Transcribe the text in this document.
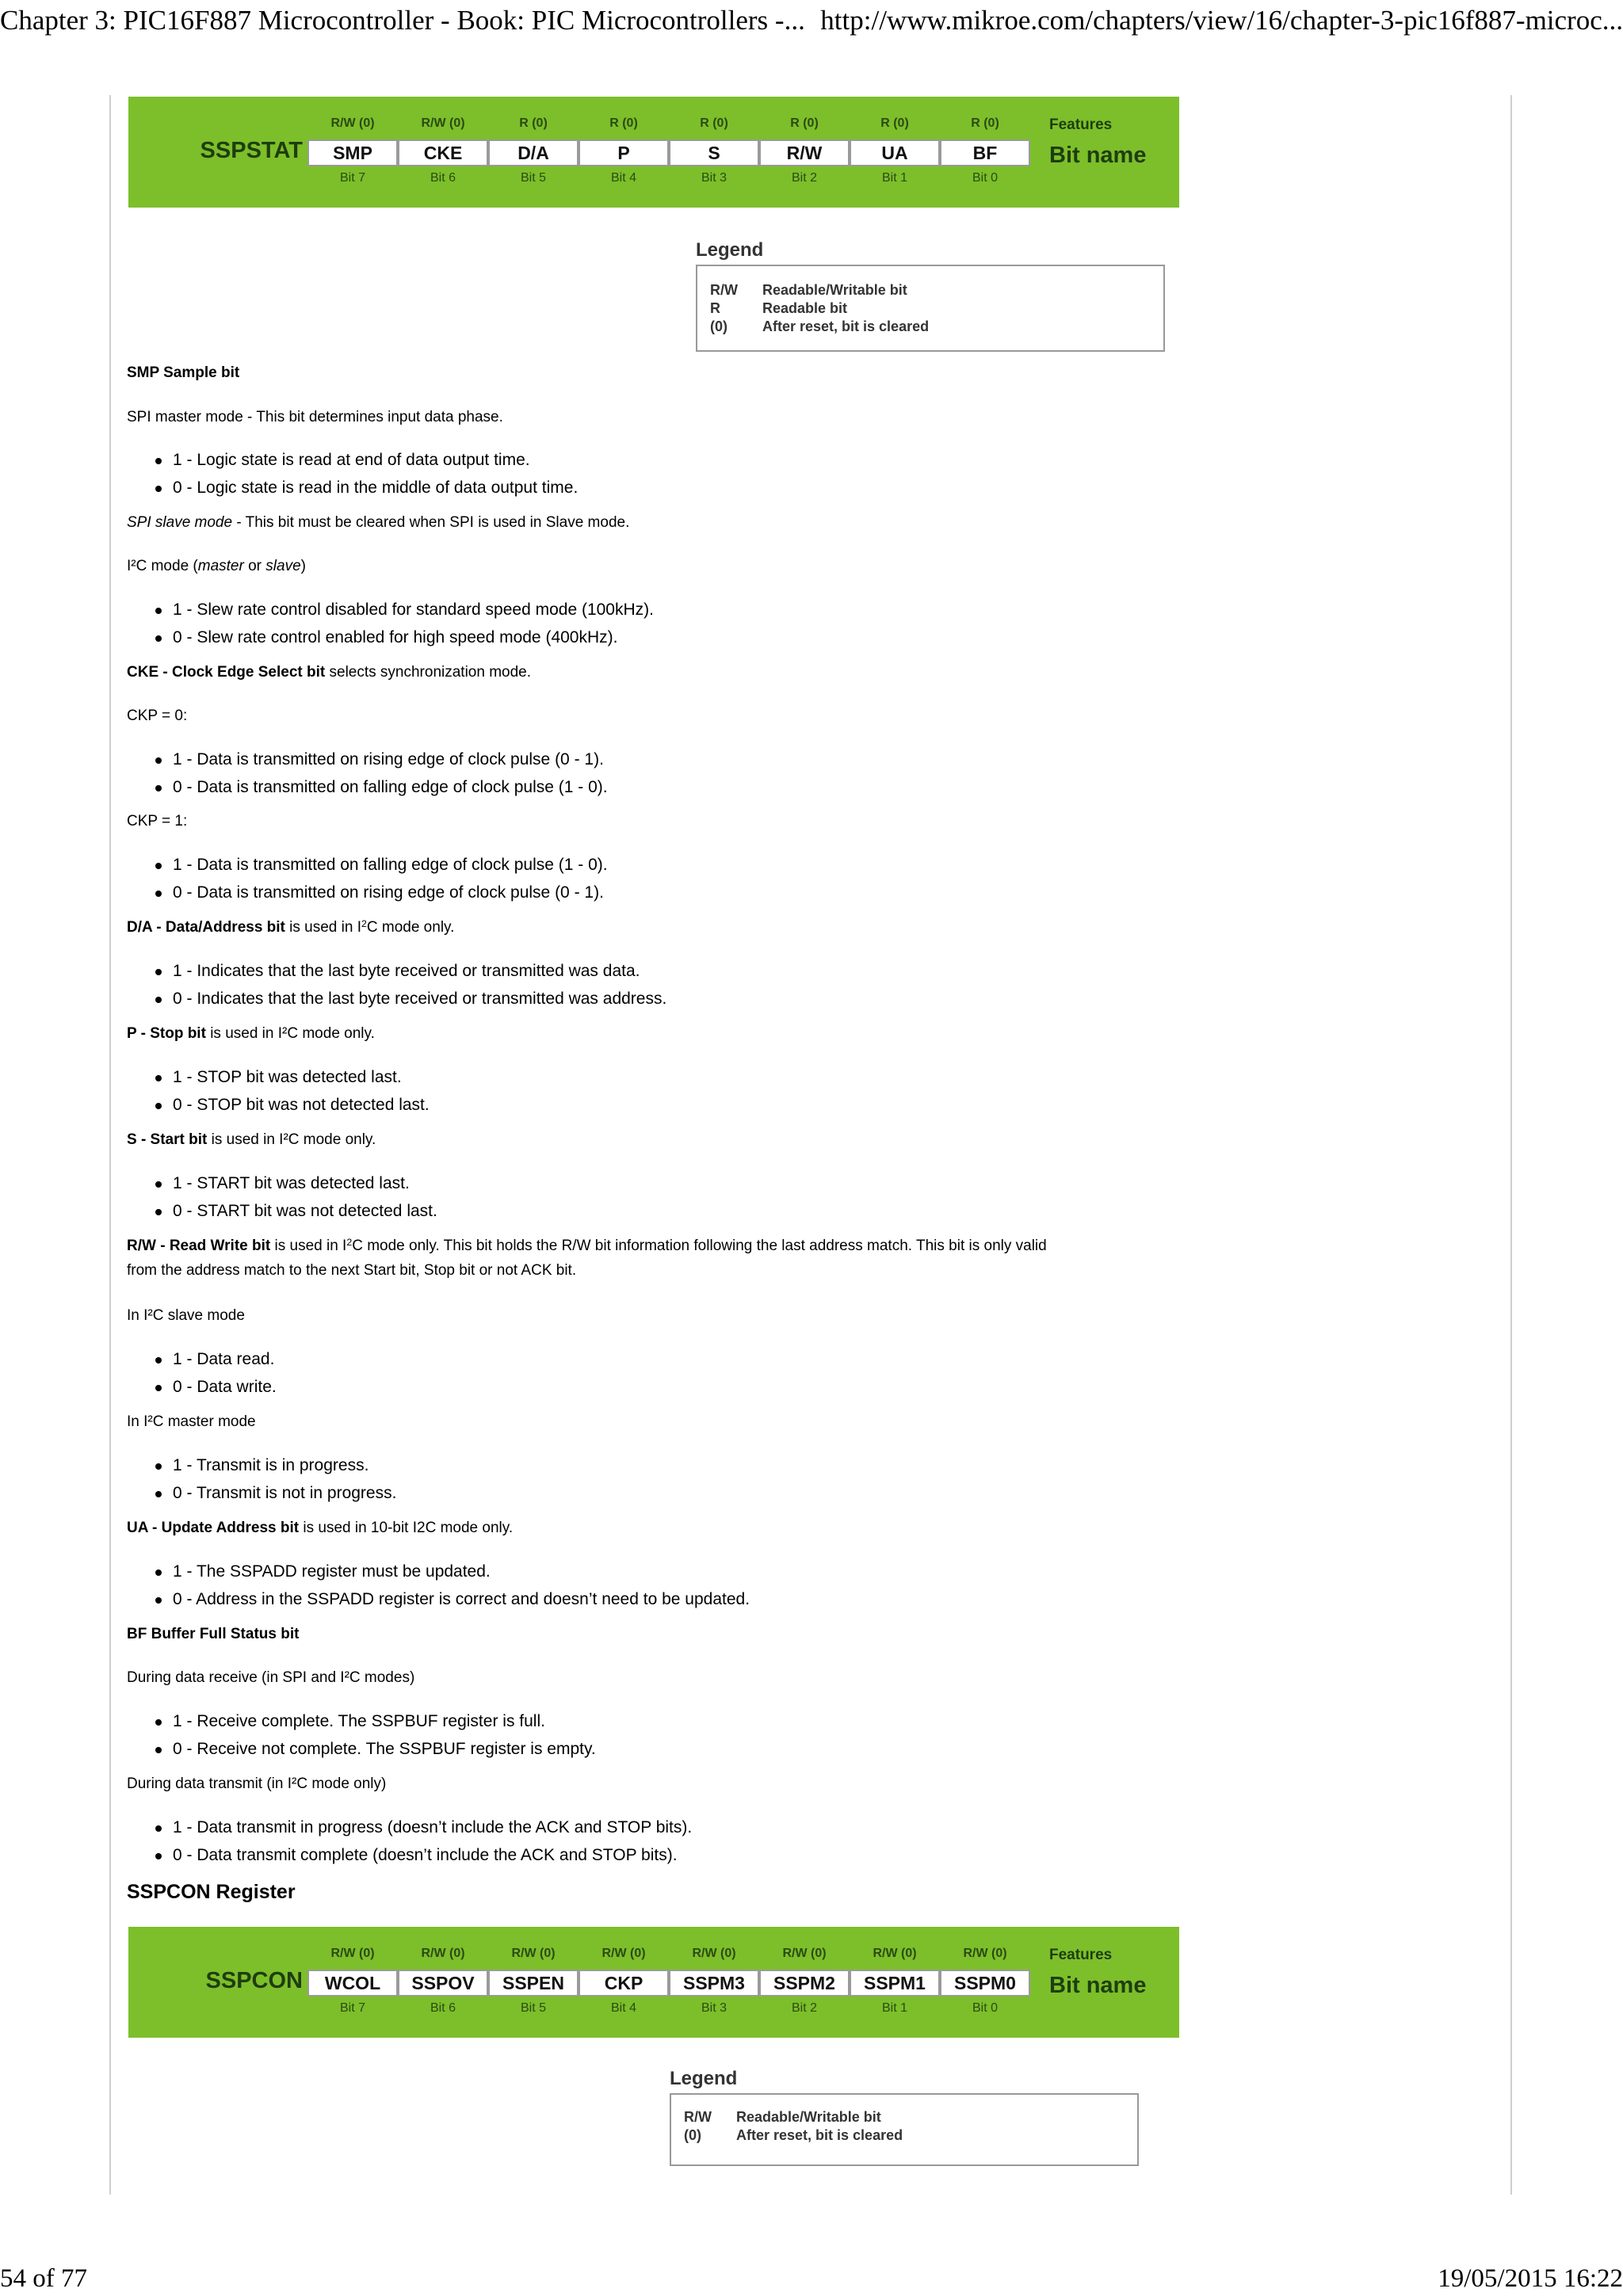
Chapter 3: PIC16F887 Microcontroller - Book: PIC Microcontrollers -... http://www.mikroe.com/chapters/view/16/chapter-3-pic16f887-microc...
SSPSTAT
R/W (0)	R/W (0)	R (0)	R (0)	R (0)	R (0)	R (0)	R (0)
SMP	CKE	D/A	P	S	R/W	UA	BF
Bit 7	Bit 6	Bit 5	Bit 4	Bit 3	Bit 2	Bit 1	Bit 0
Features
Bit name
Legend
R/W Readable/Writable bit
R	Readable bit
(0) After reset, bit is cleared
SMP Sample bit
SPI master mode - This bit determines input data phase.
1 - Logic state is read at end of data output time.
0 - Logic state is read in the middle of data output time.
SPI slave mode - This bit must be cleared when SPI is used in Slave mode.
I²C mode (master or slave)
1 - Slew rate control disabled for standard speed mode (100kHz).
0 - Slew rate control enabled for high speed mode (400kHz).
CKE - Clock Edge Select bit selects synchronization mode.
CKP = 0:
1 - Data is transmitted on rising edge of clock pulse (0 - 1).
0 - Data is transmitted on falling edge of clock pulse (1 - 0).
CKP = 1:
1 - Data is transmitted on falling edge of clock pulse (1 - 0).
0 - Data is transmitted on rising edge of clock pulse (0 - 1).
D/A - Data/Address bit is used in $I^2C$ mode only.
1 - Indicates that the last byte received or transmitted was data.
0 - Indicates that the last byte received or transmitted was address.
P - Stop bit is used in I²C mode only.
1 - STOP bit was detected last.
0 - STOP bit was not detected last.
S - Start bit is used in I²C mode only.
1 - START bit was detected last.
0 - START bit was not detected last.
R/W - Read Write bit is used in $I^2C$ mode only. This bit holds the R/W bit information following the last address match. This bit is only valid
from the address match to the next Start bit, Stop bit or not ACK bit.
In I²C slave mode
1 - Data read.
0 - Data write.
In I²C master mode
1 - Transmit is in progress.
0 - Transmit is not in progress.
UA - Update Address bit is used in 10-bit I2C mode only.
1 - The SSPADD register must be updated.
0 - Address in the SSPADD register is correct and doesn’t need to be updated.
BF Buffer Full Status bit
During data receive (in SPI and I²C modes)
1 - Receive complete. The SSPBUF register is full.
0 - Receive not complete. The SSPBUF register is empty.
During data transmit (in I²C mode only)
1 - Data transmit in progress (doesn’t include the ACK and STOP bits).
0 - Data transmit complete (doesn’t include the ACK and STOP bits).
SSPCON Register
SSPCON
R/W (0)	R/W (0)	R/W (0)	R/W (0)	R/W (0)	R/W (0)	R/W (0)	R/W (0)
WCOL	SSPOV	SSPEN	CKP	SSPM3	SSPM2	SSPM1	SSPM0
Bit 7	Bit 6	Bit 5	Bit 4	Bit 3	Bit 2	Bit 1	Bit 0
Features
Bit name
Legend
R/W Readable/Writable bit
(0) After reset, bit is cleared
54 of 77	19/05/2015 16:22
